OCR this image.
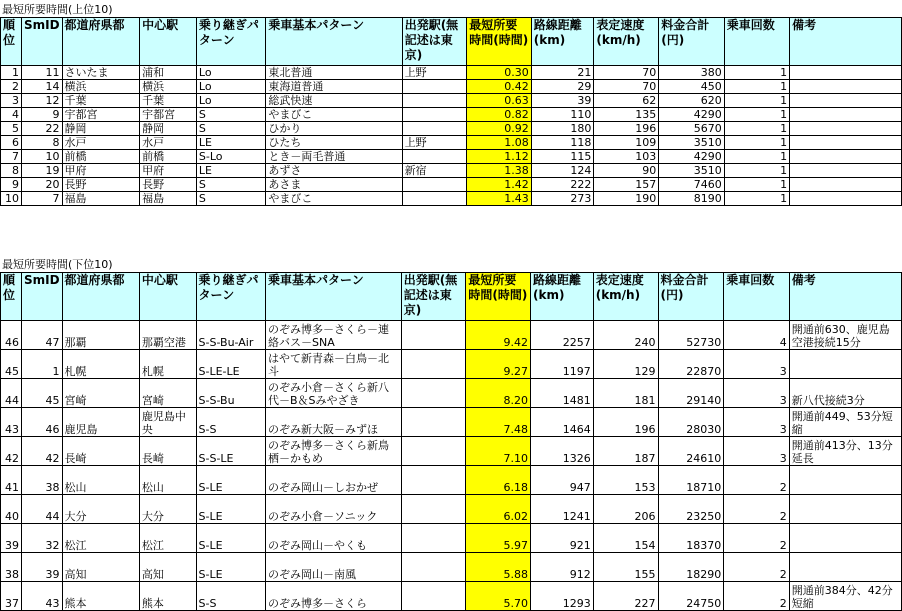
最短所要時間(上位10)
順位	SmID	都道府県都	中心駅	乗り継ぎパターン	乗車基本パターン	出発駅(無記述は東京)	最短所要時間(時間)	路線距離(km)	表定速度(km/h)	料金合計(円)	乗車回数	備考
1	11	さいたま	浦和	Lo	東北普通	上野	0.30	21	70	380	1	
2	14	横浜	横浜	Lo	東海道普通		0.42	29	70	450	1	
3	12	千葉	千葉	Lo	総武快速		0.63	39	62	620	1	
4	9	宇都宮	宇都宮	S	やまびこ		0.82	110	135	4290	1	
5	22	静岡	静岡	S	ひかり		0.92	180	196	5670	1	
6	8	水戸	水戸	LE	ひたち	上野	1.08	118	109	3510	1	
7	10	前橋	前橋	S-Lo	とき－両毛普通		1.12	115	103	4290	1	
8	19	甲府	甲府	LE	あずさ	新宿	1.38	124	90	3510	1	
9	20	長野	長野	S	あさま		1.42	222	157	7460	1	
10	7	福島	福島	S	やまびこ		1.43	273	190	8190	1	
最短所要時間(下位10)
順位	SmID	都道府県都	中心駅	乗り継ぎパターン	乗車基本パターン	出発駅(無記述は東京)	最短所要時間(時間)	路線距離(km)	表定速度(km/h)	料金合計(円)	乗車回数	備考
46	47	那覇	那覇空港	S-S-Bu-Air	のぞみ博多－さくら－連絡バス－SNA		9.42	2257	240	52730	4	開通前630、鹿児島空港接続15分
45	1	札幌	札幌	S-LE-LE	はやて新青森－白鳥－北斗		9.27	1197	129	22870	3	
44	45	宮崎	宮崎	S-S-Bu	のぞみ小倉－さくら新八代－B＆Sみやざき		8.20	1481	181	29140	3	新八代接続3分
43	46	鹿児島	鹿児島中央	S-S	のぞみ新大阪－みずほ		7.48	1464	196	28030	3	開通前449、53分短縮
42	42	長崎	長崎	S-S-LE	のぞみ博多－さくら新鳥栖－かもめ		7.10	1326	187	24610	3	開通前413分、13分延長
41	38	松山	松山	S-LE	のぞみ岡山－しおかぜ		6.18	947	153	18710	2	
40	44	大分	大分	S-LE	のぞみ小倉－ソニック		6.02	1241	206	23250	2	
39	32	松江	松江	S-LE	のぞみ岡山－やくも		5.97	921	154	18370	2	
38	39	高知	高知	S-LE	のぞみ岡山－南風		5.88	912	155	18290	2	
37	43	熊本	熊本	S-S	のぞみ博多－さくら		5.70	1293	227	24750	2	開通前384分、42分短縮
